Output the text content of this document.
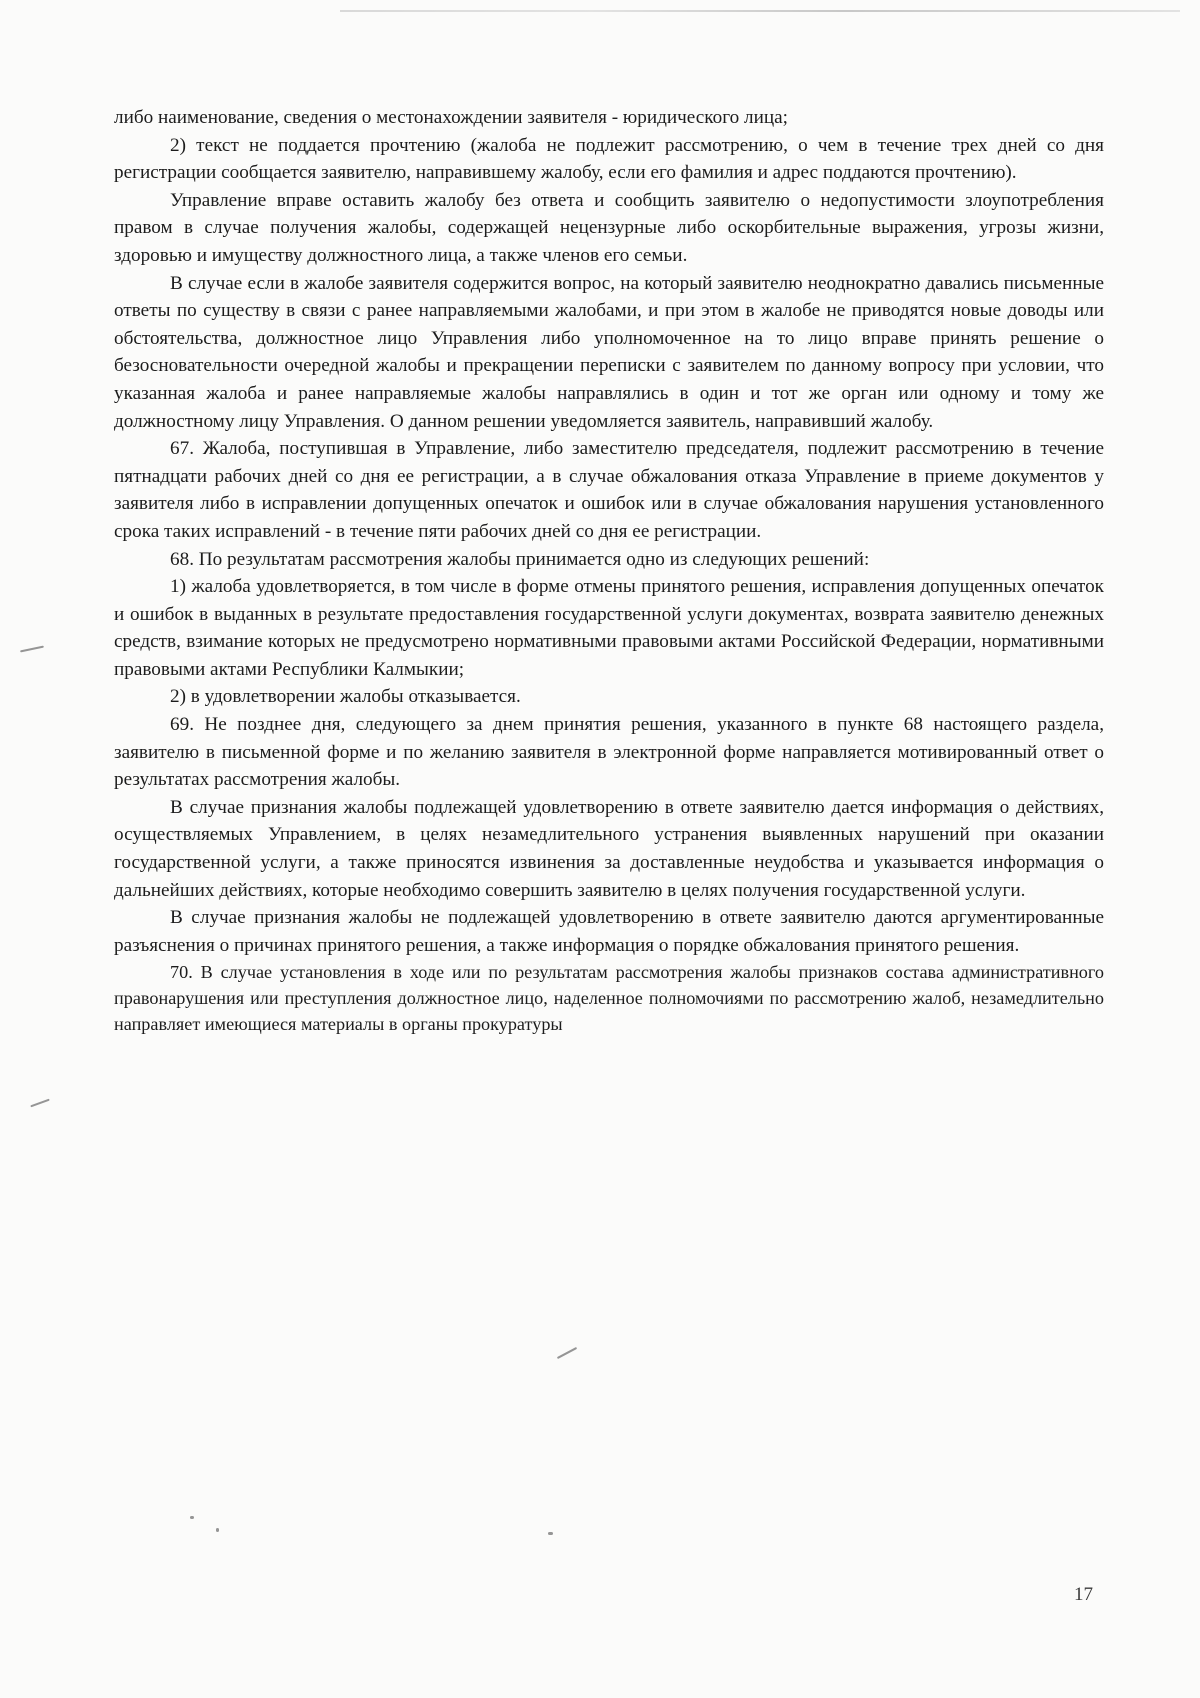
либо наименование, сведения о местонахождении заявителя - юридического лица;

2) текст не поддается прочтению (жалоба не подлежит рассмотрению, о чем в течение трех дней со дня регистрации сообщается заявителю, направившему жалобу, если его фамилия и адрес поддаются прочтению).

Управление вправе оставить жалобу без ответа и сообщить заявителю о недопустимости злоупотребления правом в случае получения жалобы, содержащей нецензурные либо оскорбительные выражения, угрозы жизни, здоровью и имуществу должностного лица, а также членов его семьи.

В случае если в жалобе заявителя содержится вопрос, на который заявителю неоднократно давались письменные ответы по существу в связи с ранее направляемыми жалобами, и при этом в жалобе не приводятся новые доводы или обстоятельства, должностное лицо Управления либо уполномоченное на то лицо вправе принять решение о безосновательности очередной жалобы и прекращении переписки с заявителем по данному вопросу при условии, что указанная жалоба и ранее направляемые жалобы направлялись в один и тот же орган или одному и тому же должностному лицу Управления. О данном решении уведомляется заявитель, направивший жалобу.

67. Жалоба, поступившая в Управление, либо заместителю председателя, подлежит рассмотрению в течение пятнадцати рабочих дней со дня ее регистрации, а в случае обжалования отказа Управление в приеме документов у заявителя либо в исправлении допущенных опечаток и ошибок или в случае обжалования нарушения установленного срока таких исправлений - в течение пяти рабочих дней со дня ее регистрации.

68. По результатам рассмотрения жалобы принимается одно из следующих решений:

1) жалоба удовлетворяется, в том числе в форме отмены принятого решения, исправления допущенных опечаток и ошибок в выданных в результате предоставления государственной услуги документах, возврата заявителю денежных средств, взимание которых не предусмотрено нормативными правовыми актами Российской Федерации, нормативными правовыми актами Республики Калмыкии;

2) в удовлетворении жалобы отказывается.

69. Не позднее дня, следующего за днем принятия решения, указанного в пункте 68 настоящего раздела, заявителю в письменной форме и по желанию заявителя в электронной форме направляется мотивированный ответ о результатах рассмотрения жалобы.

В случае признания жалобы подлежащей удовлетворению в ответе заявителю дается информация о действиях, осуществляемых Управлением, в целях незамедлительного устранения выявленных нарушений при оказании государственной услуги, а также приносятся извинения за доставленные неудобства и указывается информация о дальнейших действиях, которые необходимо совершить заявителю в целях получения государственной услуги.

В случае признания жалобы не подлежащей удовлетворению в ответе заявителю даются аргументированные разъяснения о причинах принятого решения, а также информация о порядке обжалования принятого решения.

70. В случае установления в ходе или по результатам рассмотрения жалобы признаков состава административного правонарушения или преступления должностное лицо, наделенное полномочиями по рассмотрению жалоб, незамедлительно направляет имеющиеся материалы в органы прокуратуры

17
